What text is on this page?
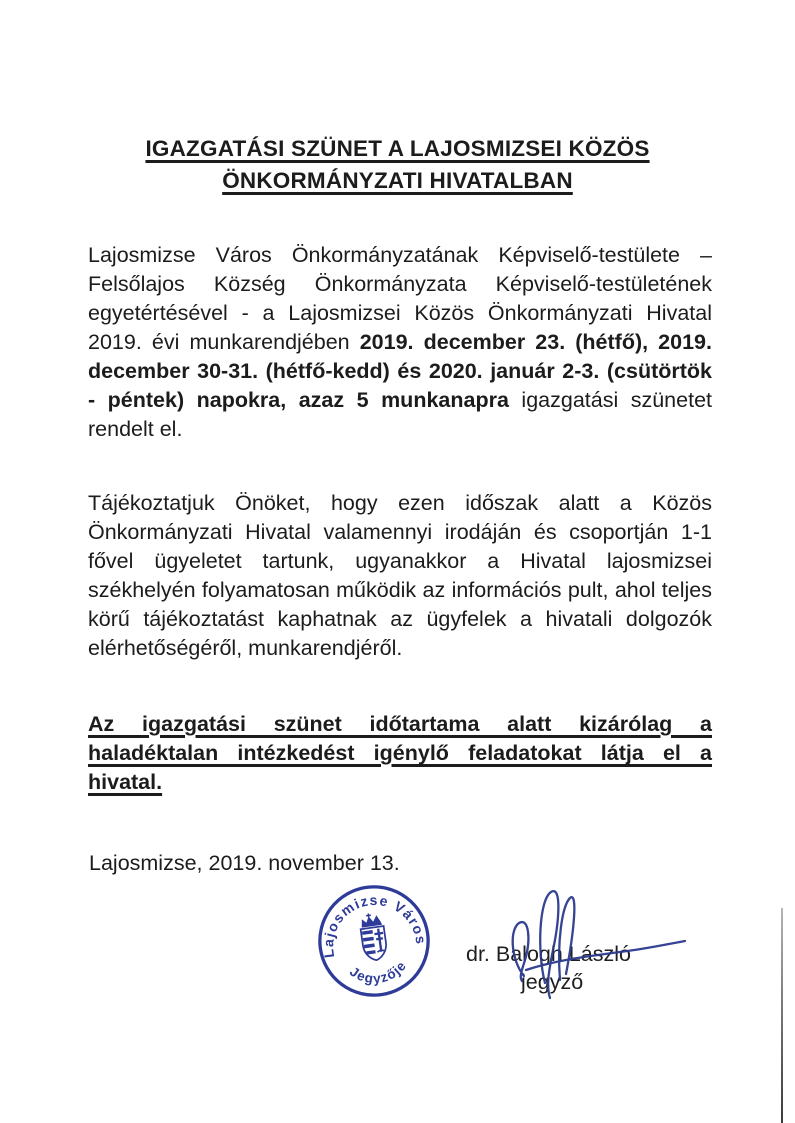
IGAZGATÁSI SZÜNET A LAJOSMIZSEI KÖZÖS
ÖNKORMÁNYZATI HIVATALBAN

Lajosmizse Város Önkormányzatának Képviselő-testülete – Felsőlajos Község Önkormányzata Képviselő-testületének egyetértésével - a Lajosmizsei Közös Önkormányzati Hivatal 2019. évi munkarendjében 2019. december 23. (hétfő), 2019. december 30-31. (hétfő-kedd) és 2020. január 2-3. (csütörtök - péntek) napokra, azaz 5 munkanapra igazgatási szünetet rendelt el.

Tájékoztatjuk Önöket, hogy ezen időszak alatt a Közös Önkormányzati Hivatal valamennyi irodáján és csoportján 1-1 fővel ügyeletet tartunk, ugyanakkor a Hivatal lajosmizsei székhelyén folyamatosan működik az információs pult, ahol teljes körű tájékoztatást kaphatnak az ügyfelek a hivatali dolgozók elérhetőségéről, munkarendjéről.

Az igazgatási szünet időtartama alatt kizárólag a haladéktalan intézkedést igénylő feladatokat látja el a hivatal.

Lajosmizse, 2019. november 13.

Lajosmizse Város
Jegyzője	dr. Balogh László

jegyző
